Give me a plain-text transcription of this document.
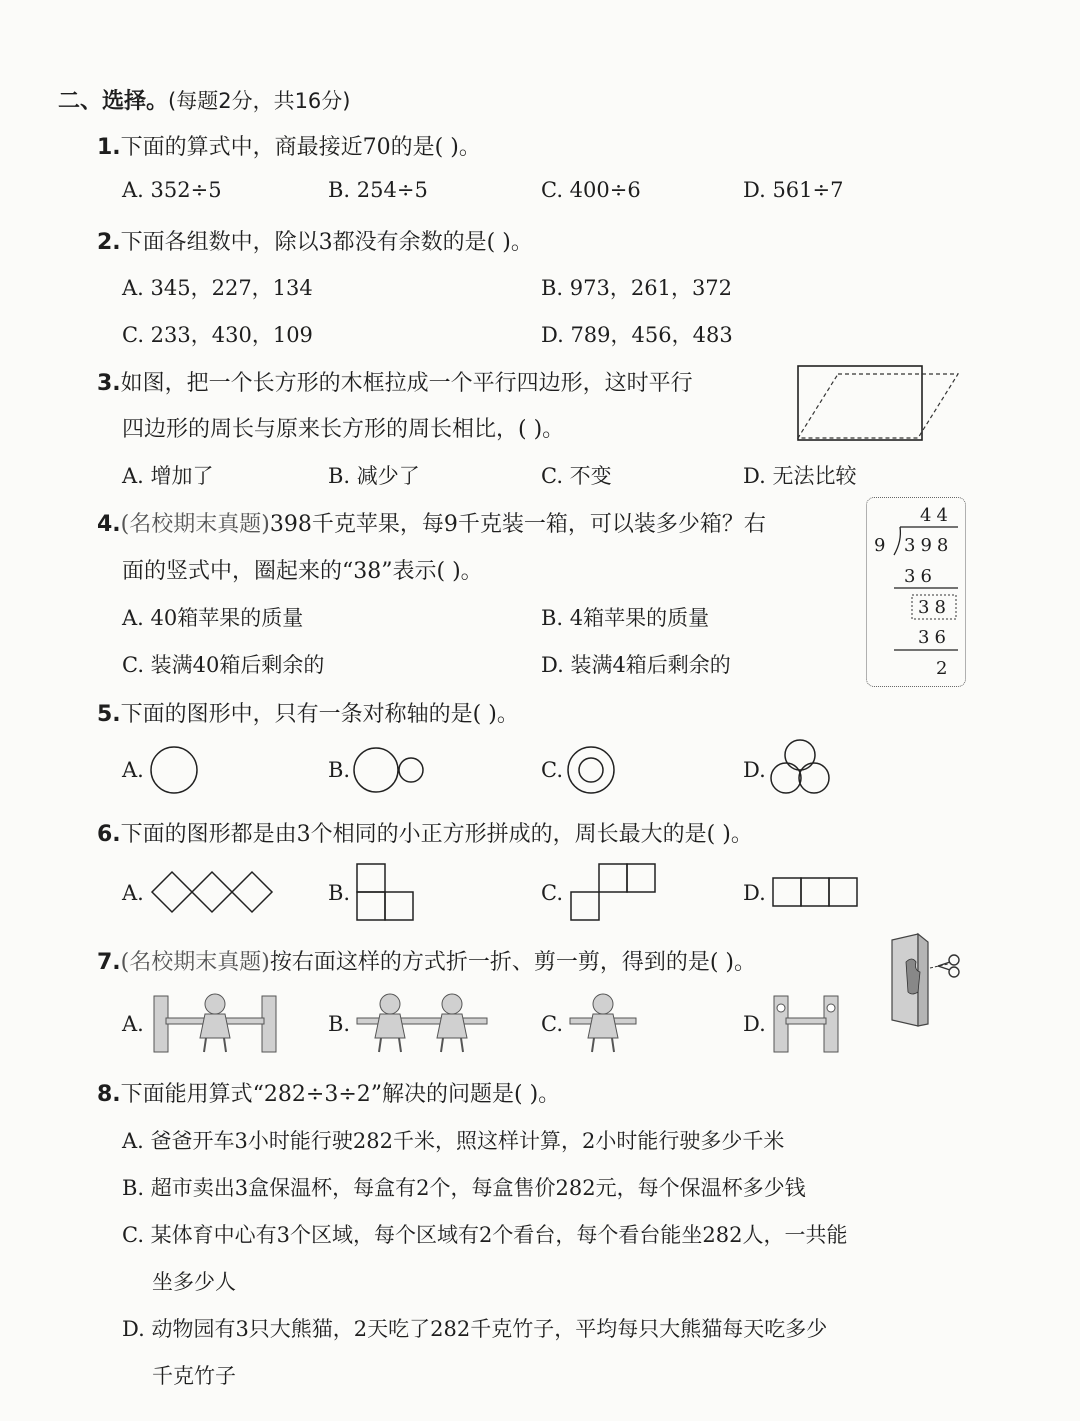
二、选择。(每题2分，共16分)
1.下面的算式中，商最接近70的是( )。
A. 352÷5	B. 254÷5	C. 400÷6	D. 561÷7
2.下面各组数中，除以3都没有余数的是( )。
A. 345，227，134	B. 973，261，372
C. 233，430，109	D. 789，456，483
3.如图，把一个长方形的木框拉成一个平行四边形，这时平行
四边形的周长与原来长方形的周长相比，( )。
A. 增加了	B. 减少了	C. 不变	D. 无法比较
4.(名校期末真题)398千克苹果，每9千克装一箱，可以装多少箱？右
面的竖式中，圈起来的“38”表示( )。
A. 40箱苹果的质量	B. 4箱苹果的质量
C. 装满40箱后剩余的	D. 装满4箱后剩余的
44
9 398
36
38
36
2
5.下面的图形中，只有一条对称轴的是( )。
A.	B.	C.	D.
6.下面的图形都是由3个相同的小正方形拼成的，周长最大的是( )。
A.	B.	C.	D.
7.(名校期末真题)按右面这样的方式折一折、剪一剪，得到的是( )。
A.	B.	C.	D.
8.下面能用算式“282÷3÷2”解决的问题是( )。
A. 爸爸开车3小时能行驶282千米，照这样计算，2小时能行驶多少千米
B. 超市卖出3盒保温杯，每盒有2个，每盒售价282元，每个保温杯多少钱
C. 某体育中心有3个区域，每个区域有2个看台，每个看台能坐282人，一共能
坐多少人
D. 动物园有3只大熊猫，2天吃了282千克竹子，平均每只大熊猫每天吃多少
千克竹子
